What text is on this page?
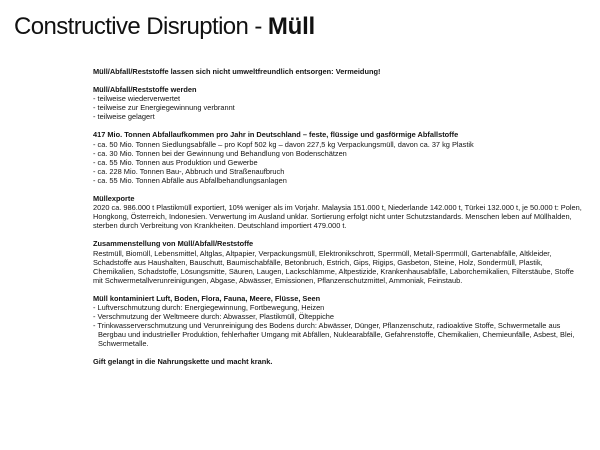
Constructive Disruption - Müll

Müll/Abfall/Reststoffe lassen sich nicht umweltfreundlich entsorgen: Vermeidung!

Müll/Abfall/Reststoffe werden

- teilweise wiederverwertet

- teilweise zur Energiegewinnung verbrannt

- teilweise gelagert

417 Mio. Tonnen Abfallaufkommen pro Jahr in Deutschland – feste, flüssige und gasförmige Abfallstoffe

- ca. 50 Mio. Tonnen Siedlungsabfälle – pro Kopf 502 kg – davon 227,5 kg Verpackungsmüll, davon ca. 37 kg Plastik

- ca. 30 Mio. Tonnen bei der Gewinnung und Behandlung von Bodenschätzen

- ca. 55 Mio. Tonnen aus Produktion und Gewerbe

- ca. 228 Mio. Tonnen Bau-, Abbruch und Straßenaufbruch

- ca. 55 Mio. Tonnen Abfälle aus Abfallbehandlungsanlagen

Müllexporte

2020 ca. 986.000 t Plastikmüll exportiert, 10% weniger als im Vorjahr. Malaysia 151.000 t, Niederlande 142.000 t, Türkei 132.000 t, je 50.000 t: Polen, Hongkong, Österreich, Indonesien. Verwertung im Ausland unklar. Sortierung erfolgt nicht unter Schutzstandards. Menschen leben auf Müllhalden, sterben durch Verbreitung von Krankheiten. Deutschland importiert 479.000 t.

Zusammenstellung von Müll/Abfall/Reststoffe

Restmüll, Biomüll, Lebensmittel, Altglas, Altpapier, Verpackungsmüll, Elektronikschrott, Sperrmüll, Metall-Sperrmüll, Gartenabfälle, Altkleider, Schadstoffe aus Haushalten, Bauschutt, Baumischabfälle, Betonbruch, Estrich, Gips, Rigips, Gasbeton, Steine, Holz, Sondermüll, Plastik, Chemikalien, Schadstoffe, Lösungsmitte, Säuren, Laugen, Lackschlämme, Altpestizide, Krankenhausabfälle, Laborchemikalien, Filterstäube, Stoffe mit Schwermetallverunreinigungen, Abgase, Abwässer, Emissionen, Pflanzenschutzmittel, Ammoniak, Feinstaub.

Müll kontaminiert Luft, Boden, Flora, Fauna, Meere, Flüsse, Seen

- Luftverschmutzung durch: Energiegewinnung, Fortbewegung, Heizen

- Verschmutzung der Weltmeere durch: Abwasser, Plastikmüll, Ölteppiche

- Trinkwasserverschmutzung und Verunreinigung des Bodens durch: Abwässer, Dünger, Pflanzenschutz, radioaktive Stoffe, Schwermetalle aus Bergbau und industrieller Produktion, fehlerhafter Umgang mit Abfällen, Nuklearabfälle, Gefahrenstoffe, Chemikalien, Chemieunfälle, Asbest, Blei, Schwermetalle.

Gift gelangt in die Nahrungskette und macht krank.
